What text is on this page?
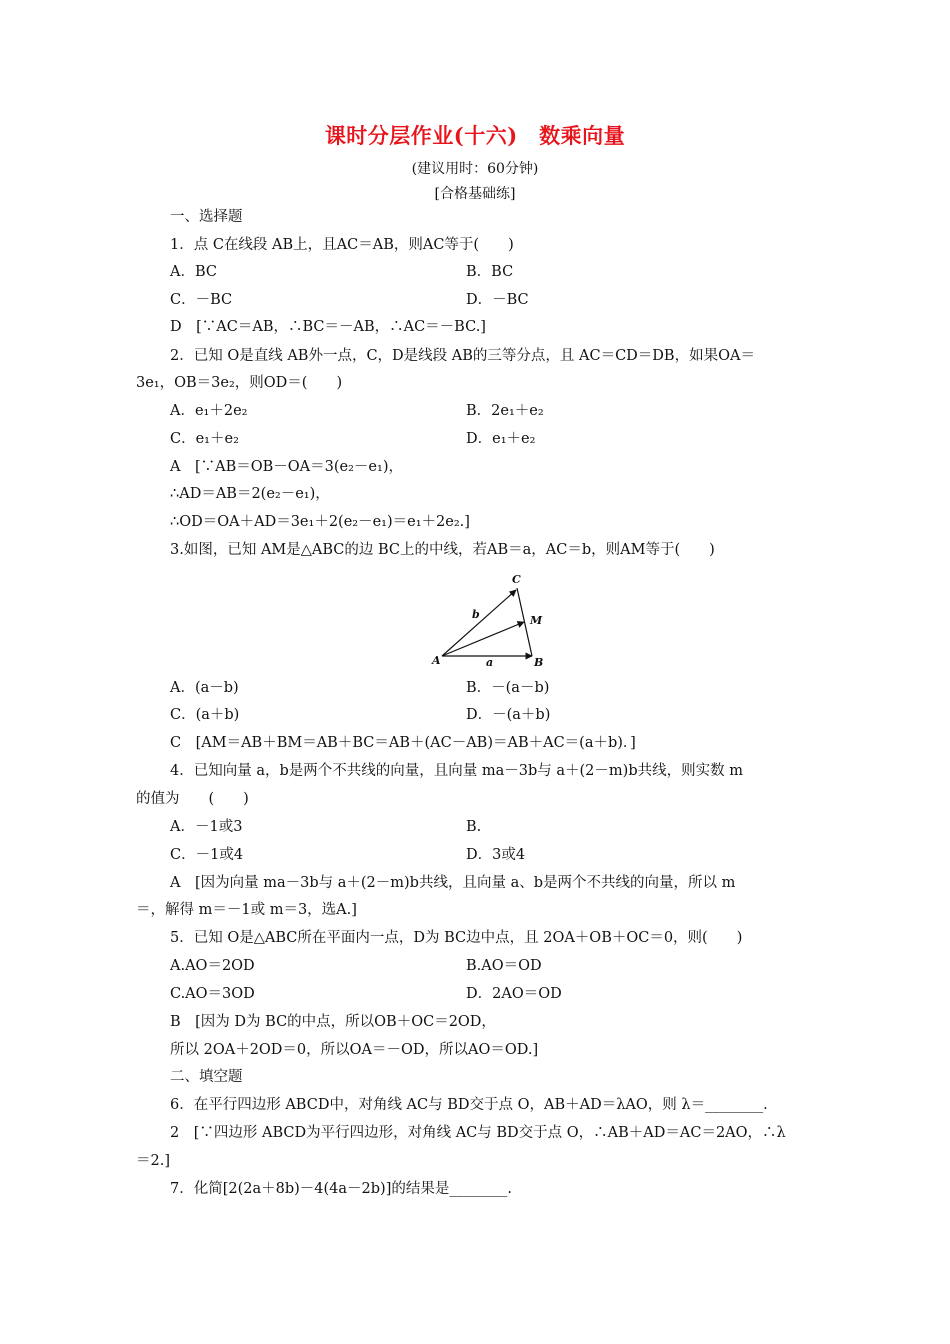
课时分层作业(十六)　数乘向量
(建议用时：60分钟)
[合格基础练]
一、选择题
1．点 C在线段 AB上，且AC＝AB，则AC等于(　　)
A．BC	B．BC
C．－BC	D．－BC
D　[∵AC＝AB，∴BC＝－AB，∴AC＝－BC.]
2．已知 O是直线 AB外一点，C，D是线段 AB的三等分点，且 AC＝CD＝DB，如果OA＝
3e₁，OB＝3e₂，则OD＝(　　)
A．e₁＋2e₂	B．2e₁＋e₂
C．e₁＋e₂	D．e₁＋e₂
A　[∵AB＝OB－OA＝3(e₂－e₁)，
∴AD＝AB＝2(e₂－e₁)，
∴OD＝OA＋AD＝3e₁＋2(e₂－e₁)＝e₁＋2e₂.]
3.如图，已知 AM是△ABC的边 BC上的中线，若AB＝a，AC＝b，则AM等于(　　)
A	B
C
M
a
b
A．(a－b)	B．－(a－b)
C．(a＋b)	D．－(a＋b)
C　[AM＝AB＋BM＝AB＋BC＝AB＋(AC－AB)＝AB＋AC＝(a＋b)．]
4．已知向量 a，b是两个不共线的向量，且向量 ma－3b与 a＋(2－m)b共线，则实数 m
的值为　　(　　)
A．－1或3	B.
C．－1或4	D．3或4
A　[因为向量 ma－3b与 a＋(2－m)b共线，且向量 a、b是两个不共线的向量，所以 m
＝，解得 m＝－1或 m＝3，选A.]
5．已知 O是△ABC所在平面内一点，D为 BC边中点，且 2OA＋OB＋OC＝0，则(　　)
A.AO＝2OD	B.AO＝OD
C.AO＝3OD	D．2AO＝OD
B　[因为 D为 BC的中点，所以OB＋OC＝2OD，
所以 2OA＋2OD＝0，所以OA＝－OD，所以AO＝OD.]
二、填空题
6．在平行四边形 ABCD中，对角线 AC与 BD交于点 O，AB＋AD＝λAO，则 λ＝________.
2　[∵四边形 ABCD为平行四边形，对角线 AC与 BD交于点 O，∴AB＋AD＝AC＝2AO，∴λ
＝2.]
7．化简[2(2a＋8b)－4(4a－2b)]的结果是________.
